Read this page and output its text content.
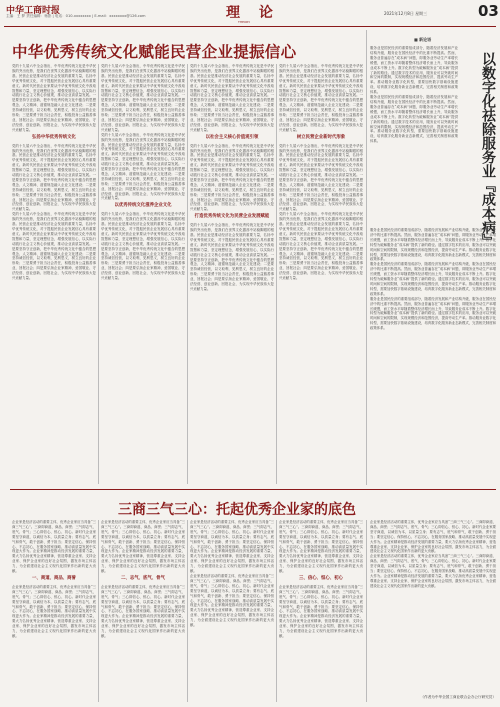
中华工商时报
主编：王 梦 责任编辑：杨影 | 电话：010-xxxxxxxx | E-mail：xxxxxxxx@126.com	理 论
THEORY
2021年12月8日 星期三	03
中华优秀传统文化赋能民营企业提振信心
党的十九届六中全会指出，中华优秀传统文化是中华民族的突出优势，是我们在世界文化激荡中站稳脚跟的根基。民营企业是推动经济社会发展的重要力量，弘扬中华优秀传统文化，对于提振民营企业发展信心具有重要意义。新时代民营企业家要从中华优秀传统文化中汲取智慧和力量，坚定理想信念，增强发展信心，以实际行动践行社会主义核心价值观，推动企业高质量发展。一是要坚持守正创新，把中华优秀传统文化中蕴含的思想观念、人文精神、道德规范融入企业文化建设；二是要坚持诚信经营，以义取利，见利思义，树立良好的企业形象；三是要勇于担当社会责任，积极投身公益慈善事业，回报社会；四是要弘扬企业家精神，爱国敬业、守法经营、创业创新、回报社会，为实现中华民族伟大复兴贡献力量。
弘扬中华优秀传统文化
党的十九届六中全会指出，中华优秀传统文化是中华民族的突出优势，是我们在世界文化激荡中站稳脚跟的根基。民营企业是推动经济社会发展的重要力量，弘扬中华优秀传统文化，对于提振民营企业发展信心具有重要意义。新时代民营企业家要从中华优秀传统文化中汲取智慧和力量，坚定理想信念，增强发展信心，以实际行动践行社会主义核心价值观，推动企业高质量发展。一是要坚持守正创新，把中华优秀传统文化中蕴含的思想观念、人文精神、道德规范融入企业文化建设；二是要坚持诚信经营，以义取利，见利思义，树立良好的企业形象；三是要勇于担当社会责任，积极投身公益慈善事业，回报社会；四是要弘扬企业家精神，爱国敬业、守法经营、创业创新、回报社会，为实现中华民族伟大复兴贡献力量。
党的十九届六中全会指出，中华优秀传统文化是中华民族的突出优势，是我们在世界文化激荡中站稳脚跟的根基。民营企业是推动经济社会发展的重要力量，弘扬中华优秀传统文化，对于提振民营企业发展信心具有重要意义。新时代民营企业家要从中华优秀传统文化中汲取智慧和力量，坚定理想信念，增强发展信心，以实际行动践行社会主义核心价值观，推动企业高质量发展。一是要坚持守正创新，把中华优秀传统文化中蕴含的思想观念、人文精神、道德规范融入企业文化建设；二是要坚持诚信经营，以义取利，见利思义，树立良好的企业形象；三是要勇于担当社会责任，积极投身公益慈善事业，回报社会；四是要弘扬企业家精神，爱国敬业、守法经营、创业创新、回报社会，为实现中华民族伟大复兴贡献力量。
党的十九届六中全会指出，中华优秀传统文化是中华民族的突出优势，是我们在世界文化激荡中站稳脚跟的根基。民营企业是推动经济社会发展的重要力量，弘扬中华优秀传统文化，对于提振民营企业发展信心具有重要意义。新时代民营企业家要从中华优秀传统文化中汲取智慧和力量，坚定理想信念，增强发展信心，以实际行动践行社会主义核心价值观，推动企业高质量发展。一是要坚持守正创新，把中华优秀传统文化中蕴含的思想观念、人文精神、道德规范融入企业文化建设；二是要坚持诚信经营，以义取利，见利思义，树立良好的企业形象；三是要勇于担当社会责任，积极投身公益慈善事业，回报社会；四是要弘扬企业家精神，爱国敬业、守法经营、创业创新、回报社会，为实现中华民族伟大复兴贡献力量。
党的十九届六中全会指出，中华优秀传统文化是中华民族的突出优势，是我们在世界文化激荡中站稳脚跟的根基。民营企业是推动经济社会发展的重要力量，弘扬中华优秀传统文化，对于提振民营企业发展信心具有重要意义。新时代民营企业家要从中华优秀传统文化中汲取智慧和力量，坚定理想信念，增强发展信心，以实际行动践行社会主义核心价值观，推动企业高质量发展。一是要坚持守正创新，把中华优秀传统文化中蕴含的思想观念、人文精神、道德规范融入企业文化建设；二是要坚持诚信经营，以义取利，见利思义，树立良好的企业形象；三是要勇于担当社会责任，积极投身公益慈善事业，回报社会；四是要弘扬企业家精神，爱国敬业、守法经营、创业创新、回报社会，为实现中华民族伟大复兴贡献力量。
以优秀传统文化滋养企业文化
党的十九届六中全会指出，中华优秀传统文化是中华民族的突出优势，是我们在世界文化激荡中站稳脚跟的根基。民营企业是推动经济社会发展的重要力量，弘扬中华优秀传统文化，对于提振民营企业发展信心具有重要意义。新时代民营企业家要从中华优秀传统文化中汲取智慧和力量，坚定理想信念，增强发展信心，以实际行动践行社会主义核心价值观，推动企业高质量发展。一是要坚持守正创新，把中华优秀传统文化中蕴含的思想观念、人文精神、道德规范融入企业文化建设；二是要坚持诚信经营，以义取利，见利思义，树立良好的企业形象；三是要勇于担当社会责任，积极投身公益慈善事业，回报社会；四是要弘扬企业家精神，爱国敬业、守法经营、创业创新、回报社会，为实现中华民族伟大复兴贡献力量。
党的十九届六中全会指出，中华优秀传统文化是中华民族的突出优势，是我们在世界文化激荡中站稳脚跟的根基。民营企业是推动经济社会发展的重要力量，弘扬中华优秀传统文化，对于提振民营企业发展信心具有重要意义。新时代民营企业家要从中华优秀传统文化中汲取智慧和力量，坚定理想信念，增强发展信心，以实际行动践行社会主义核心价值观，推动企业高质量发展。一是要坚持守正创新，把中华优秀传统文化中蕴含的思想观念、人文精神、道德规范融入企业文化建设；二是要坚持诚信经营，以义取利，见利思义，树立良好的企业形象；三是要勇于担当社会责任，积极投身公益慈善事业，回报社会；四是要弘扬企业家精神，爱国敬业、守法经营、创业创新、回报社会，为实现中华民族伟大复兴贡献力量。
以社会主义核心价值观引领
党的十九届六中全会指出，中华优秀传统文化是中华民族的突出优势，是我们在世界文化激荡中站稳脚跟的根基。民营企业是推动经济社会发展的重要力量，弘扬中华优秀传统文化，对于提振民营企业发展信心具有重要意义。新时代民营企业家要从中华优秀传统文化中汲取智慧和力量，坚定理想信念，增强发展信心，以实际行动践行社会主义核心价值观，推动企业高质量发展。一是要坚持守正创新，把中华优秀传统文化中蕴含的思想观念、人文精神、道德规范融入企业文化建设；二是要坚持诚信经营，以义取利，见利思义，树立良好的企业形象；三是要勇于担当社会责任，积极投身公益慈善事业，回报社会；四是要弘扬企业家精神，爱国敬业、守法经营、创业创新、回报社会，为实现中华民族伟大复兴贡献力量。
打造优秀传统文化为民营企业发展赋能
党的十九届六中全会指出，中华优秀传统文化是中华民族的突出优势，是我们在世界文化激荡中站稳脚跟的根基。民营企业是推动经济社会发展的重要力量，弘扬中华优秀传统文化，对于提振民营企业发展信心具有重要意义。新时代民营企业家要从中华优秀传统文化中汲取智慧和力量，坚定理想信念，增强发展信心，以实际行动践行社会主义核心价值观，推动企业高质量发展。一是要坚持守正创新，把中华优秀传统文化中蕴含的思想观念、人文精神、道德规范融入企业文化建设；二是要坚持诚信经营，以义取利，见利思义，树立良好的企业形象；三是要勇于担当社会责任，积极投身公益慈善事业，回报社会；四是要弘扬企业家精神，爱国敬业、守法经营、创业创新、回报社会，为实现中华民族伟大复兴贡献力量。
党的十九届六中全会指出，中华优秀传统文化是中华民族的突出优势，是我们在世界文化激荡中站稳脚跟的根基。民营企业是推动经济社会发展的重要力量，弘扬中华优秀传统文化，对于提振民营企业发展信心具有重要意义。新时代民营企业家要从中华优秀传统文化中汲取智慧和力量，坚定理想信念，增强发展信心，以实际行动践行社会主义核心价值观，推动企业高质量发展。一是要坚持守正创新，把中华优秀传统文化中蕴含的思想观念、人文精神、道德规范融入企业文化建设；二是要坚持诚信经营，以义取利，见利思义，树立良好的企业形象；三是要勇于担当社会责任，积极投身公益慈善事业，回报社会；四是要弘扬企业家精神，爱国敬业、守法经营、创业创新、回报社会，为实现中华民族伟大复兴贡献力量。
树立民营企业新时代形象
党的十九届六中全会指出，中华优秀传统文化是中华民族的突出优势，是我们在世界文化激荡中站稳脚跟的根基。民营企业是推动经济社会发展的重要力量，弘扬中华优秀传统文化，对于提振民营企业发展信心具有重要意义。新时代民营企业家要从中华优秀传统文化中汲取智慧和力量，坚定理想信念，增强发展信心，以实际行动践行社会主义核心价值观，推动企业高质量发展。一是要坚持守正创新，把中华优秀传统文化中蕴含的思想观念、人文精神、道德规范融入企业文化建设；二是要坚持诚信经营，以义取利，见利思义，树立良好的企业形象；三是要勇于担当社会责任，积极投身公益慈善事业，回报社会；四是要弘扬企业家精神，爱国敬业、守法经营、创业创新、回报社会，为实现中华民族伟大复兴贡献力量。
党的十九届六中全会指出，中华优秀传统文化是中华民族的突出优势，是我们在世界文化激荡中站稳脚跟的根基。民营企业是推动经济社会发展的重要力量，弘扬中华优秀传统文化，对于提振民营企业发展信心具有重要意义。新时代民营企业家要从中华优秀传统文化中汲取智慧和力量，坚定理想信念，增强发展信心，以实际行动践行社会主义核心价值观，推动企业高质量发展。一是要坚持守正创新，把中华优秀传统文化中蕴含的思想观念、人文精神、道德规范融入企业文化建设；二是要坚持诚信经营，以义取利，见利思义，树立良好的企业形象；三是要勇于担当社会责任，积极投身公益慈善事业，回报社会；四是要弘扬企业家精神，爱国敬业、守法经营、创业创新、回报社会，为实现中华民族伟大复兴贡献力量。
■ 新论语
以数字化祛除服务业『成本病』
服务业是国民经济的重要组成部分，随着经济发展和产业结构升级，服务业在国民经济中的比重不断提高。然而，服务业普遍存在“成本病”问题，即服务业劳动生产率增长缓慢，而工资水平却随着整体经济增长而上升，导致服务业成本不断上升。数字化转型为破解服务业“成本病”提供了新的路径。通过数字技术的应用，服务业可以突破时间和空间的限制，实现规模经济和范围经济，提高劳动生产率。推动服务业数字化转型，需要加快数字基础设施建设，培育数字化服务新业态新模式，完善相关制度和政策体系。
服务业是国民经济的重要组成部分，随着经济发展和产业结构升级，服务业在国民经济中的比重不断提高。然而，服务业普遍存在“成本病”问题，即服务业劳动生产率增长缓慢，而工资水平却随着整体经济增长而上升，导致服务业成本不断上升。数字化转型为破解服务业“成本病”提供了新的路径。通过数字技术的应用，服务业可以突破时间和空间的限制，实现规模经济和范围经济，提高劳动生产率。推动服务业数字化转型，需要加快数字基础设施建设，培育数字化服务新业态新模式，完善相关制度和政策体系。
服务业是国民经济的重要组成部分，随着经济发展和产业结构升级，服务业在国民经济中的比重不断提高。然而，服务业普遍存在“成本病”问题，即服务业劳动生产率增长缓慢，而工资水平却随着整体经济增长而上升，导致服务业成本不断上升。数字化转型为破解服务业“成本病”提供了新的路径。通过数字技术的应用，服务业可以突破时间和空间的限制，实现规模经济和范围经济，提高劳动生产率。推动服务业数字化转型，需要加快数字基础设施建设，培育数字化服务新业态新模式，完善相关制度和政策体系。
服务业是国民经济的重要组成部分，随着经济发展和产业结构升级，服务业在国民经济中的比重不断提高。然而，服务业普遍存在“成本病”问题，即服务业劳动生产率增长缓慢，而工资水平却随着整体经济增长而上升，导致服务业成本不断上升。数字化转型为破解服务业“成本病”提供了新的路径。通过数字技术的应用，服务业可以突破时间和空间的限制，实现规模经济和范围经济，提高劳动生产率。推动服务业数字化转型，需要加快数字基础设施建设，培育数字化服务新业态新模式，完善相关制度和政策体系。
服务业是国民经济的重要组成部分，随着经济发展和产业结构升级，服务业在国民经济中的比重不断提高。然而，服务业普遍存在“成本病”问题，即服务业劳动生产率增长缓慢，而工资水平却随着整体经济增长而上升，导致服务业成本不断上升。数字化转型为破解服务业“成本病”提供了新的路径。通过数字技术的应用，服务业可以突破时间和空间的限制，实现规模经济和范围经济，提高劳动生产率。推动服务业数字化转型，需要加快数字基础设施建设，培育数字化服务新业态新模式，完善相关制度和政策体系。
三商三气三心：托起优秀企业家的底色
企业家是经济活动的重要主体，优秀企业家应当具备“三商三气三心”。三商即商道、商品、商誉；三气即志气、底气、骨气；三心即信心、恒心、初心。新时代企业家要坚守商道，以诚信为本，以质量立身；要有志气、底气和骨气，敢于创新、勇于担当；要坚定信心、保持恒心、不忘初心，在服务国家战略、推动高质量发展中实现更大作为。企业家精神是推动经济发展的重要力量，要大力弘扬优秀企业家精神，营造尊重企业家、支持企业家、保护企业家的良好社会氛围，激发市场主体活力，为全面建设社会主义现代化国家作出新的更大贡献。
一、商道、商品、商誉
企业家是经济活动的重要主体，优秀企业家应当具备“三商三气三心”。三商即商道、商品、商誉；三气即志气、底气、骨气；三心即信心、恒心、初心。新时代企业家要坚守商道，以诚信为本，以质量立身；要有志气、底气和骨气，敢于创新、勇于担当；要坚定信心、保持恒心、不忘初心，在服务国家战略、推动高质量发展中实现更大作为。企业家精神是推动经济发展的重要力量，要大力弘扬优秀企业家精神，营造尊重企业家、支持企业家、保护企业家的良好社会氛围，激发市场主体活力，为全面建设社会主义现代化国家作出新的更大贡献。
企业家是经济活动的重要主体，优秀企业家应当具备“三商三气三心”。三商即商道、商品、商誉；三气即志气、底气、骨气；三心即信心、恒心、初心。新时代企业家要坚守商道，以诚信为本，以质量立身；要有志气、底气和骨气，敢于创新、勇于担当；要坚定信心、保持恒心、不忘初心，在服务国家战略、推动高质量发展中实现更大作为。企业家精神是推动经济发展的重要力量，要大力弘扬优秀企业家精神，营造尊重企业家、支持企业家、保护企业家的良好社会氛围，激发市场主体活力，为全面建设社会主义现代化国家作出新的更大贡献。
二、志气、底气、骨气
企业家是经济活动的重要主体，优秀企业家应当具备“三商三气三心”。三商即商道、商品、商誉；三气即志气、底气、骨气；三心即信心、恒心、初心。新时代企业家要坚守商道，以诚信为本，以质量立身；要有志气、底气和骨气，敢于创新、勇于担当；要坚定信心、保持恒心、不忘初心，在服务国家战略、推动高质量发展中实现更大作为。企业家精神是推动经济发展的重要力量，要大力弘扬优秀企业家精神，营造尊重企业家、支持企业家、保护企业家的良好社会氛围，激发市场主体活力，为全面建设社会主义现代化国家作出新的更大贡献。
企业家是经济活动的重要主体，优秀企业家应当具备“三商三气三心”。三商即商道、商品、商誉；三气即志气、底气、骨气；三心即信心、恒心、初心。新时代企业家要坚守商道，以诚信为本，以质量立身；要有志气、底气和骨气，敢于创新、勇于担当；要坚定信心、保持恒心、不忘初心，在服务国家战略、推动高质量发展中实现更大作为。企业家精神是推动经济发展的重要力量，要大力弘扬优秀企业家精神，营造尊重企业家、支持企业家、保护企业家的良好社会氛围，激发市场主体活力，为全面建设社会主义现代化国家作出新的更大贡献。
企业家是经济活动的重要主体，优秀企业家应当具备“三商三气三心”。三商即商道、商品、商誉；三气即志气、底气、骨气；三心即信心、恒心、初心。新时代企业家要坚守商道，以诚信为本，以质量立身；要有志气、底气和骨气，敢于创新、勇于担当；要坚定信心、保持恒心、不忘初心，在服务国家战略、推动高质量发展中实现更大作为。企业家精神是推动经济发展的重要力量，要大力弘扬优秀企业家精神，营造尊重企业家、支持企业家、保护企业家的良好社会氛围，激发市场主体活力，为全面建设社会主义现代化国家作出新的更大贡献。
企业家是经济活动的重要主体，优秀企业家应当具备“三商三气三心”。三商即商道、商品、商誉；三气即志气、底气、骨气；三心即信心、恒心、初心。新时代企业家要坚守商道，以诚信为本，以质量立身；要有志气、底气和骨气，敢于创新、勇于担当；要坚定信心、保持恒心、不忘初心，在服务国家战略、推动高质量发展中实现更大作为。企业家精神是推动经济发展的重要力量，要大力弘扬优秀企业家精神，营造尊重企业家、支持企业家、保护企业家的良好社会氛围，激发市场主体活力，为全面建设社会主义现代化国家作出新的更大贡献。
三、信心、恒心、初心
企业家是经济活动的重要主体，优秀企业家应当具备“三商三气三心”。三商即商道、商品、商誉；三气即志气、底气、骨气；三心即信心、恒心、初心。新时代企业家要坚守商道，以诚信为本，以质量立身；要有志气、底气和骨气，敢于创新、勇于担当；要坚定信心、保持恒心、不忘初心，在服务国家战略、推动高质量发展中实现更大作为。企业家精神是推动经济发展的重要力量，要大力弘扬优秀企业家精神，营造尊重企业家、支持企业家、保护企业家的良好社会氛围，激发市场主体活力，为全面建设社会主义现代化国家作出新的更大贡献。
企业家是经济活动的重要主体，优秀企业家应当具备“三商三气三心”。三商即商道、商品、商誉；三气即志气、底气、骨气；三心即信心、恒心、初心。新时代企业家要坚守商道，以诚信为本，以质量立身；要有志气、底气和骨气，敢于创新、勇于担当；要坚定信心、保持恒心、不忘初心，在服务国家战略、推动高质量发展中实现更大作为。企业家精神是推动经济发展的重要力量，要大力弘扬优秀企业家精神，营造尊重企业家、支持企业家、保护企业家的良好社会氛围，激发市场主体活力，为全面建设社会主义现代化国家作出新的更大贡献。
企业家是经济活动的重要主体，优秀企业家应当具备“三商三气三心”。三商即商道、商品、商誉；三气即志气、底气、骨气；三心即信心、恒心、初心。新时代企业家要坚守商道，以诚信为本，以质量立身；要有志气、底气和骨气，敢于创新、勇于担当；要坚定信心、保持恒心、不忘初心，在服务国家战略、推动高质量发展中实现更大作为。企业家精神是推动经济发展的重要力量，要大力弘扬优秀企业家精神，营造尊重企业家、支持企业家、保护企业家的良好社会氛围，激发市场主体活力，为全面建设社会主义现代化国家作出新的更大贡献。
（作者为中华全国工商业联合会办公厅研究员）
